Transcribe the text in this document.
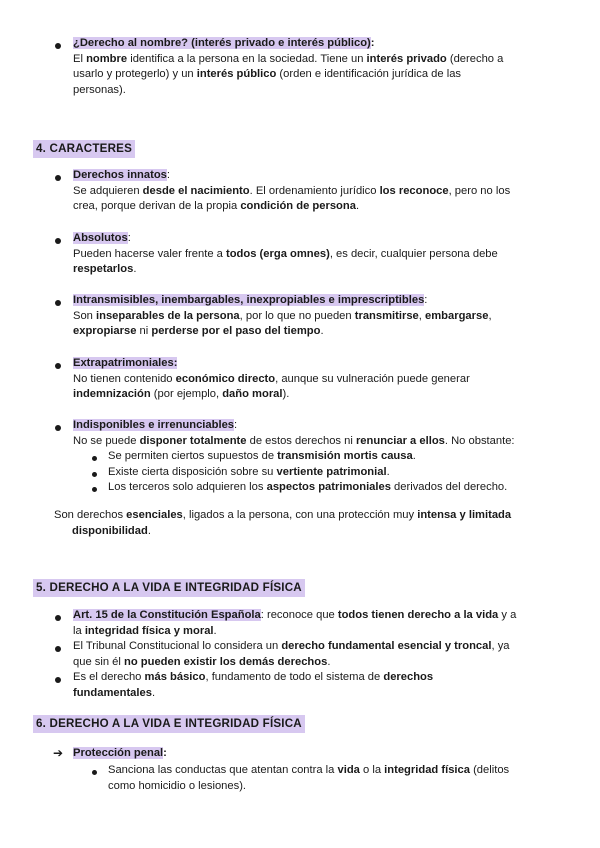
¿Derecho al nombre? (interés privado e interés público):

El nombre identifica a la persona en la sociedad. Tiene un interés privado (derecho a

usarlo y protegerlo) y un interés público (orden e identificación jurídica de las

personas).

4. CARACTERES

Derechos innatos:

Se adquieren desde el nacimiento. El ordenamiento jurídico los reconoce, pero no los

crea, porque derivan de la propia condición de persona.

Absolutos:

Pueden hacerse valer frente a todos (erga omnes), es decir, cualquier persona debe

respetarlos.

Intransmisibles, inembargables, inexpropiables e imprescriptibles:

Son inseparables de la persona, por lo que no pueden transmitirse, embargarse,

expropiarse ni perderse por el paso del tiempo.

Extrapatrimoniales:

No tienen contenido económico directo, aunque su vulneración puede generar

indemnización (por ejemplo, daño moral).

Indisponibles e irrenunciables:

No se puede disponer totalmente de estos derechos ni renunciar a ellos. No obstante:

Se permiten ciertos supuestos de transmisión mortis causa.

Existe cierta disposición sobre su vertiente patrimonial.

Los terceros solo adquieren los aspectos patrimoniales derivados del derecho.

Son derechos esenciales, ligados a la persona, con una protección muy intensa y limitada

disponibilidad.

5. DERECHO A LA VIDA E INTEGRIDAD FÍSICA

Art. 15 de la Constitución Española: reconoce que todos tienen derecho a la vida y a

la integridad física y moral.

El Tribunal Constitucional lo considera un derecho fundamental esencial y troncal, ya

que sin él no pueden existir los demás derechos.

Es el derecho más básico, fundamento de todo el sistema de derechos

fundamentales.

6. DERECHO A LA VIDA E INTEGRIDAD FÍSICA
➔ Protección penal:

Sanciona las conductas que atentan contra la vida o la integridad física (delitos

como homicidio o lesiones).
